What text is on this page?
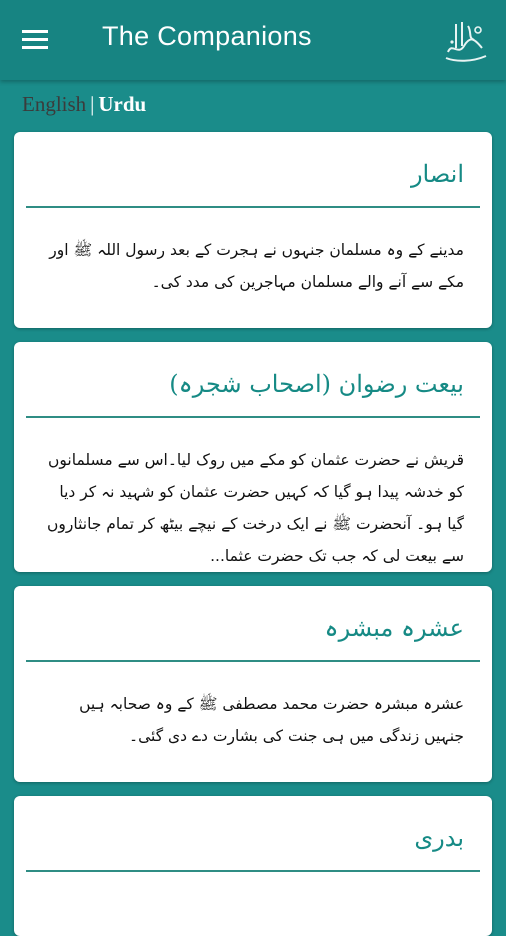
The Companions
English | Urdu
انصار
مدینے کے وہ مسلمان جنہوں نے ہجرت کے بعد رسول اللہ ﷺ اور مکے سے آنے والے مسلمان مہاجرین کی مدد کی۔
بیعت رضوان (اصحاب شجرہ)
قریش نے حضرت عثمان کو مکے میں روک لیا۔اس سے مسلمانوں کو خدشہ پیدا ہو گیا کہ کہیں حضرت عثمان کو شہید نہ کر دیا گیا ہو۔ آنحضرت ﷺ نے ایک درخت کے نیچے بیٹھ کر تمام جانثاروں سے بیعت لی کہ جب تک حضرت عثما...
عشرہ مبشرہ
عشرہ مبشرہ حضرت محمد مصطفی ﷺ کے وہ صحابہ ہیں جنہیں زندگی میں ہی جنت کی بشارت دے دی گئی۔
بدری
